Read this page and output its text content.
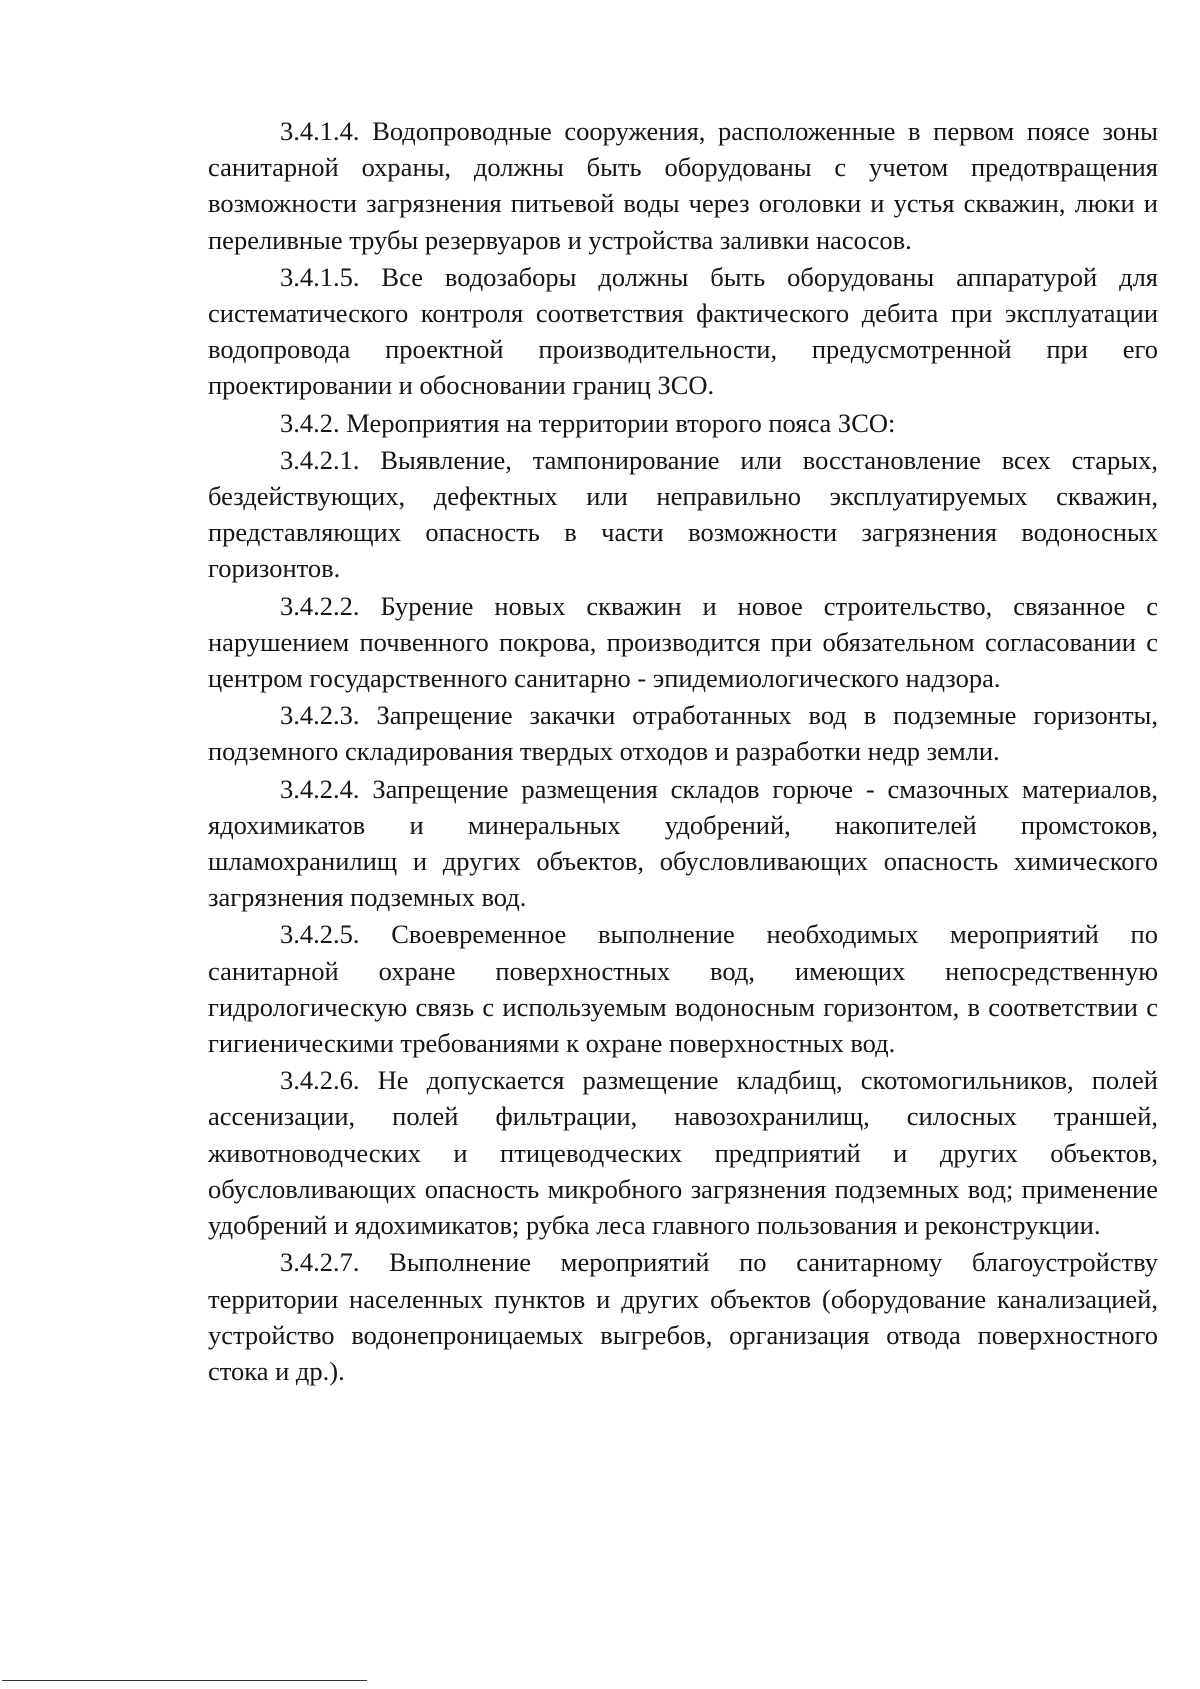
3.4.1.4. Водопроводные сооружения, расположенные в первом поясе зоны санитарной охраны, должны быть оборудованы с учетом предотвращения возможности загрязнения питьевой воды через оголовки и устья скважин, люки и переливные трубы резервуаров и устройства заливки насосов.

3.4.1.5. Все водозаборы должны быть оборудованы аппаратурой для систематического контроля соответствия фактического дебита при эксплуатации водопровода проектной производительности, предусмотренной при его проектировании и обосновании границ ЗСО.

3.4.2. Мероприятия на территории второго пояса ЗСО:

3.4.2.1. Выявление, тампонирование или восстановление всех старых, бездействующих, дефектных или неправильно эксплуатируемых скважин, представляющих опасность в части возможности загрязнения водоносных горизонтов.

3.4.2.2. Бурение новых скважин и новое строительство, связанное с нарушением почвенного покрова, производится при обязательном согласовании с центром государственного санитарно - эпидемиологического надзора.

3.4.2.3. Запрещение закачки отработанных вод в подземные горизонты, подземного складирования твердых отходов и разработки недр земли.

3.4.2.4. Запрещение размещения складов горюче - смазочных материалов, ядохимикатов и минеральных удобрений, накопителей промстоков, шламохранилищ и других объектов, обусловливающих опасность химического загрязнения подземных вод.

3.4.2.5. Своевременное выполнение необходимых мероприятий по санитарной охране поверхностных вод, имеющих непосредственную гидрологическую связь с используемым водоносным горизонтом, в соответствии с гигиеническими требованиями к охране поверхностных вод.

3.4.2.6. Не допускается размещение кладбищ, скотомогильников, полей ассенизации, полей фильтрации, навозохранилищ, силосных траншей, животноводческих и птицеводческих предприятий и других объектов, обусловливающих опасность микробного загрязнения подземных вод; применение удобрений и ядохимикатов; рубка леса главного пользования и реконструкции.

3.4.2.7. Выполнение мероприятий по санитарному благоустройству территории населенных пунктов и других объектов (оборудование канализацией, устройство водонепроницаемых выгребов, организация отвода поверхностного стока и др.).
